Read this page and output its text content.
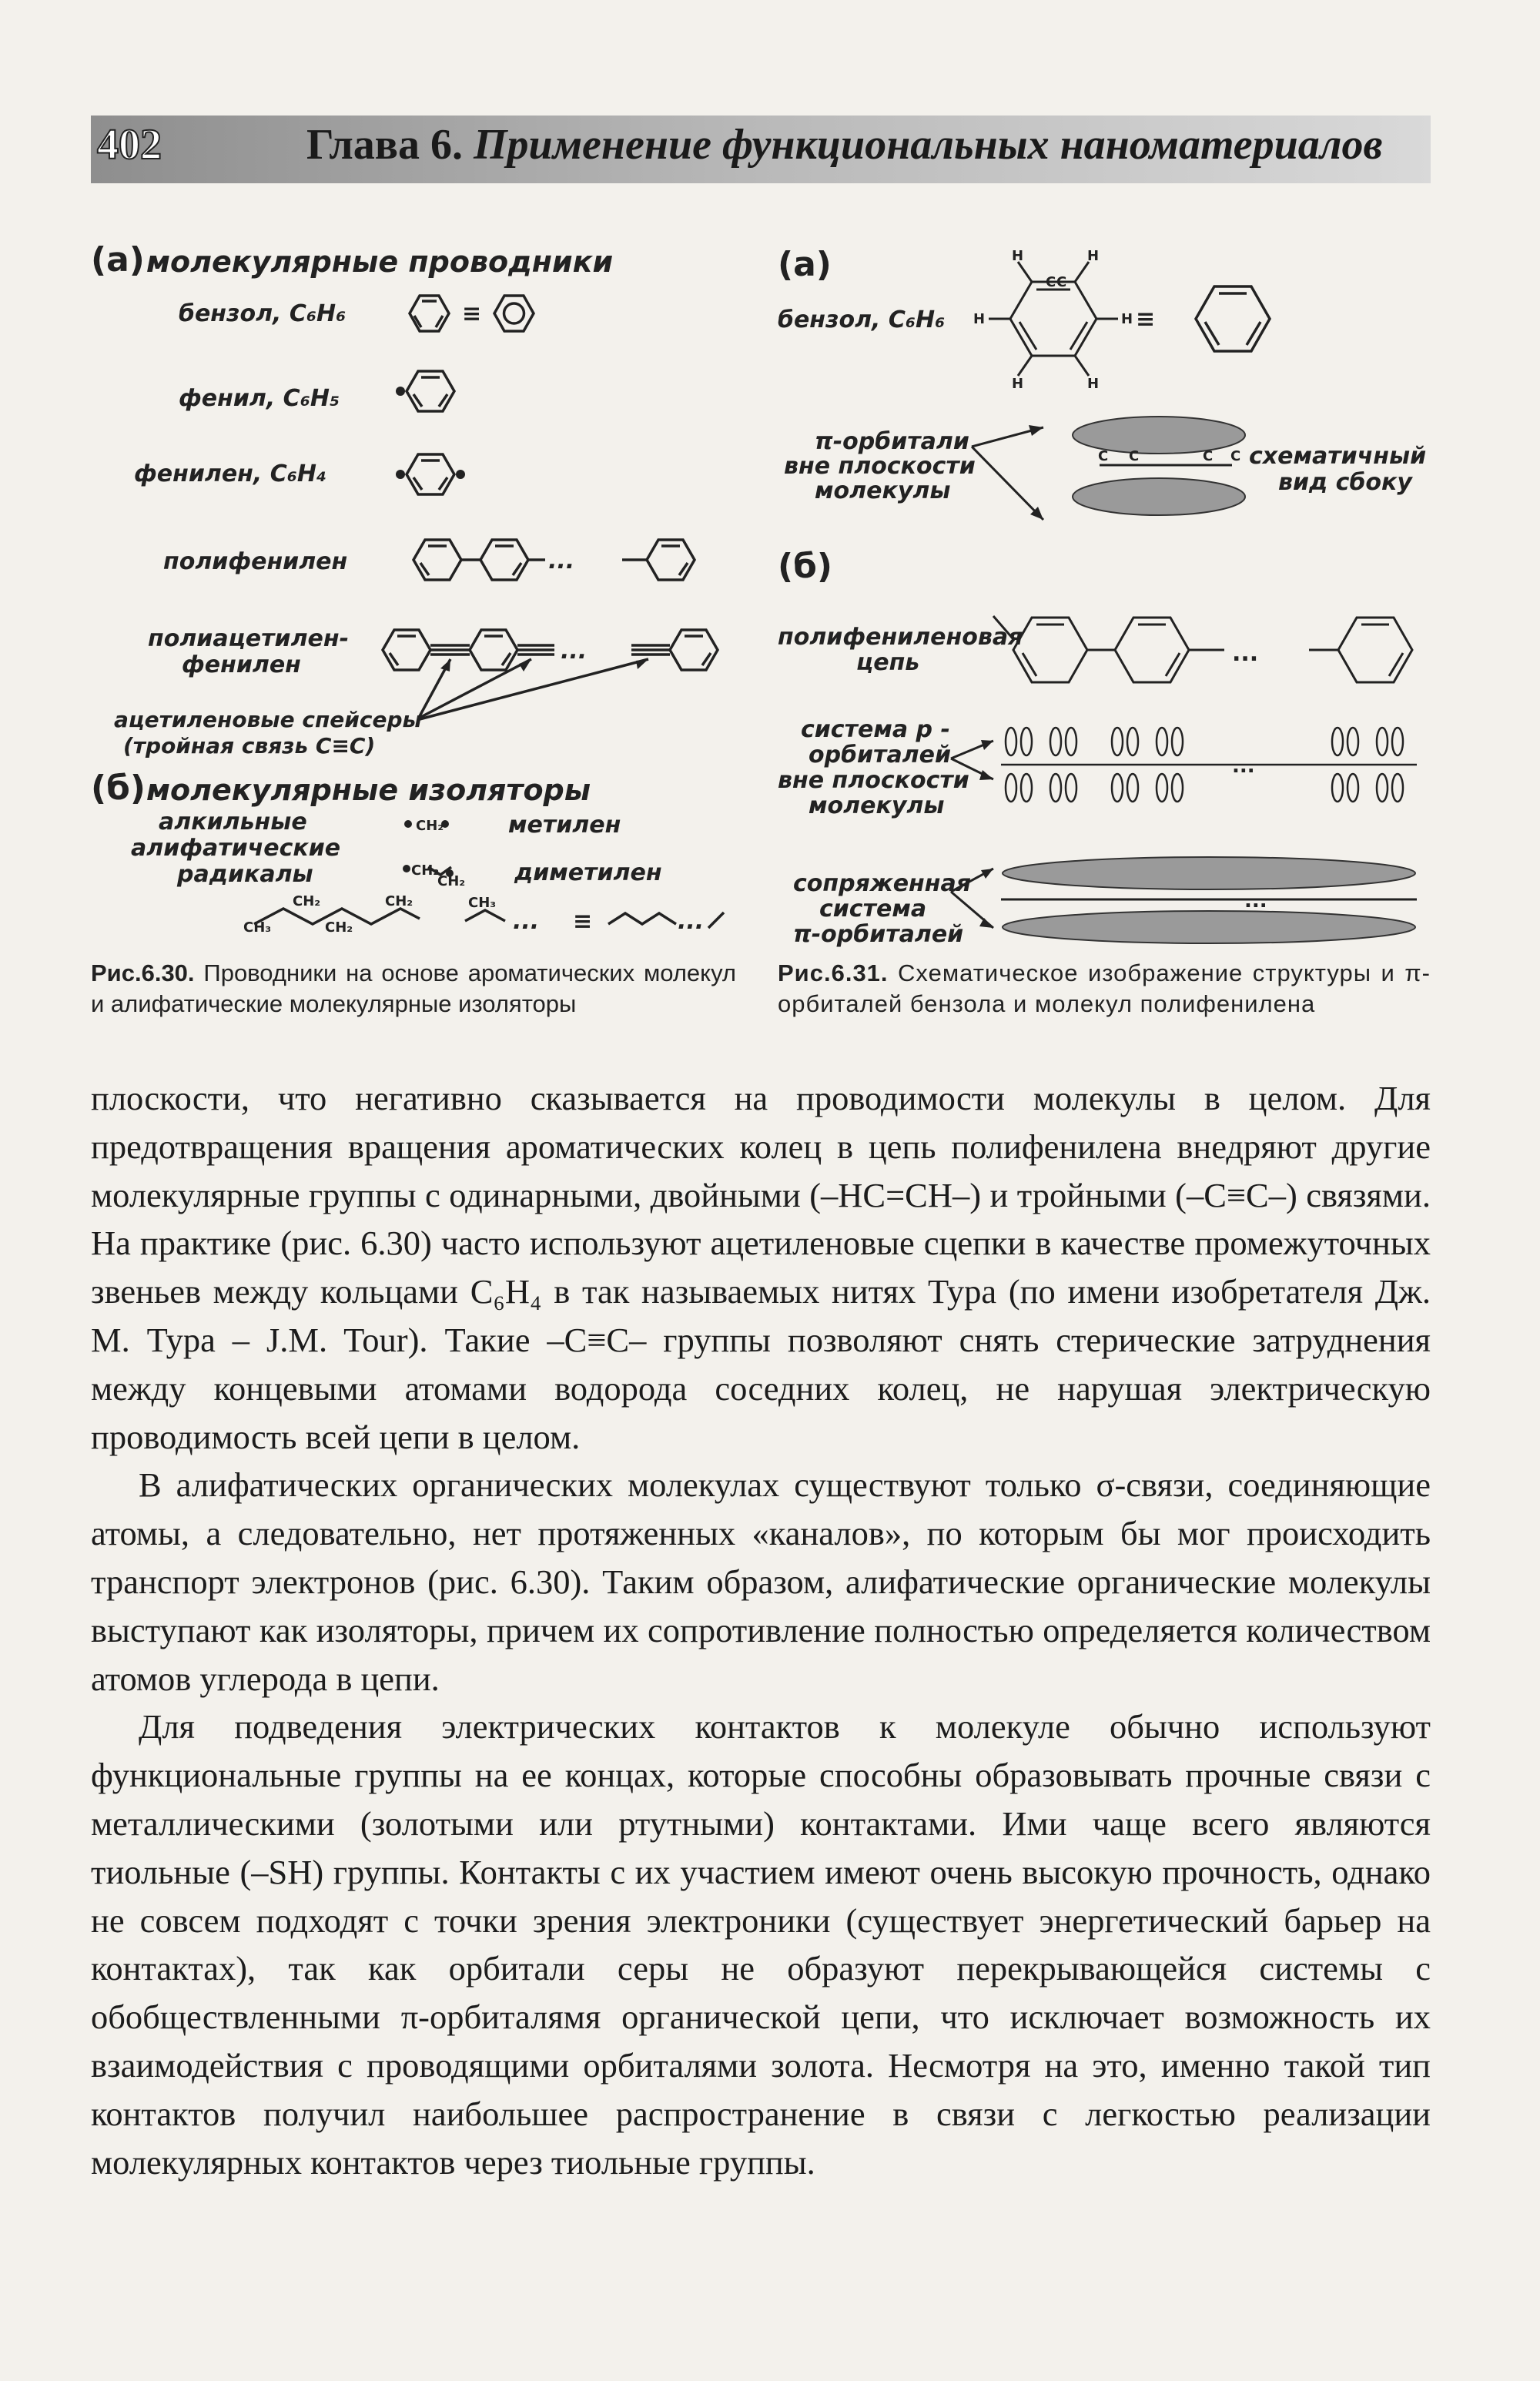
402	Глава 6. Применение функциональных наноматериалов
(а) молекулярные проводники
бензол, C₆H₆
фенил, C₆H₅
фенилен, C₆H₄
полифенилен
полиацетилен-
фенилен
ацетиленовые спейсеры
(тройная связь C≡C)
(б) молекулярные изоляторы
алкильные
алифатические
радикалы
метилен
диметилен
≡
...
...
≡	...
...
CH₂
CH₂
CH₂
CH₃
CH₂
CH₂
CH₂	CH₃
Рис.6.30. Проводники на основе ароматических молекул и алифатические молекулярные изоляторы
(а)
бензол, C₆H₆
π-орбитали
вне плоскости
молекулы
схематичный
вид сбоку
(б)
полифениленовая
цепь
система p -
орбиталей
вне плоскости
молекулы
сопряженная
система
π-орбиталей
≡
...
...
...
C C
H	H
H	H
H	H
C C	C C
Рис.6.31. Схематическое изображение структуры и π-орбиталей бензола и молекул полифенилена

плоскости, что негативно сказывается на проводимости молекулы в целом. Для предотвращения вращения ароматических колец в цепь полифенилена внедряют другие молекулярные группы с одинарными, двойными (–HC=CH–) и тройными (–C≡C–) связями. На практике (рис. 6.30) часто используют ацетиленовые сцепки в качестве промежуточных звеньев между кольцами C₆H₄ в так называемых нитях Тура (по имени изобретателя Дж. М. Тура – J.M. Tour). Такие –C≡C– группы позволяют снять стерические затруднения между концевыми атомами водорода соседних колец, не нарушая электрическую проводимость всей цепи в целом.

В алифатических органических молекулах существуют только σ-связи, соединяющие атомы, а следовательно, нет протяженных «каналов», по которым бы мог происходить транспорт электронов (рис. 6.30). Таким образом, алифатические органические молекулы выступают как изоляторы, причем их сопротивление полностью определяется количеством атомов углерода в цепи.

Для подведения электрических контактов к молекуле обычно используют функциональные группы на ее концах, которые способны образовывать прочные связи с металлическими (золотыми или ртутными) контактами. Ими чаще всего являются тиольные (–SH) группы. Контакты с их участием имеют очень высокую прочность, однако не совсем подходят с точки зрения электроники (существует энергетический барьер на контактах), так как орбитали серы не образуют перекрывающейся системы с обобществленными π-орбиталямя органической цепи, что исключает возможность их взаимодействия с проводящими орбиталями золота. Несмотря на это, именно такой тип контактов получил наибольшее распространение в связи с легкостью реализации молекулярных контактов через тиольные группы.
